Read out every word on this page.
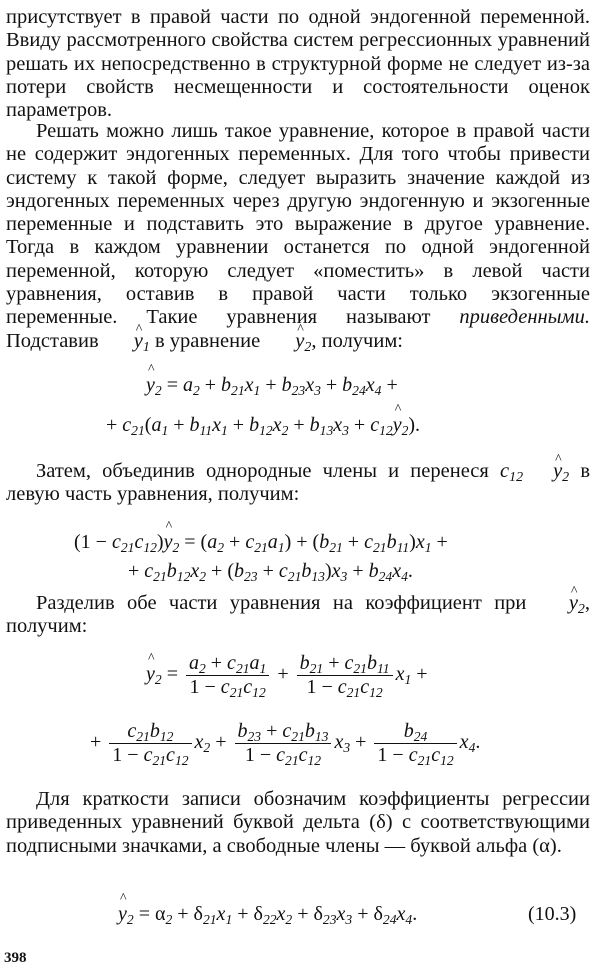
присутствует в правой части по одной эндогенной переменной. Ввиду рассмотренного свойства систем регрессионных уравнений решать их непосредственно в структурной форме не следует из-за потери свойств несмещенности и состоятельности оценок параметров.

Решать можно лишь такое уравнение, которое в правой части не содержит эндогенных переменных. Для того чтобы привести систему к такой форме, следует выразить значение каждой из эндогенных переменных через другую эндогенную и экзогенные переменные и подставить это выражение в другое уравнение. Тогда в каждом уравнении останется по одной эндогенной переменной, которую следует «поместить» в левой части уравнения, оставив в правой части только экзогенные переменные. Такие уравнения называют приведенными. Подставив ^ $y_1$ в уравнение ^ $y_2$, получим:

^ $y_2 = a_2 + b_{21}x_1 + b_{23}x_3 + b_{24}x_4$ +
+ $c_{21}(a_1 + b_{11}x_1 + b_{12}x_2 + b_{13}x_3$ + $c_{12}\^{}$ $y_2$).

Затем, объединив однородные члены и перенеся $c_{12}\^{}$ $y_2$ в левую часть уравнения, получим:

$(1 - c_{21}c_{12})\^{}$ $y_2 = (a_2 + c_{21}a_1) + (b_{21} + c_{21}b_{11})x_1$ +
+ $c_{21}b_{12}x_2 + (b_{23} + c_{21}b_{13})x_3 + b_{24}x_4$.

Разделив обе части уравнения на коэффициент при ^ $y_2$, получим:

^ $y_2 = \frac{a_2 + c_{21}a_1}{1 - c_{21}c_{12}} + \frac{b_{21} + c_{21}b_{11}}{1 - c_{21}c_{12}} x_1$ +
+ $\frac{c_{21}b_{12}}{1 - c_{21}c_{12}} x_2 + \frac{b_{23} + c_{21}b_{13}}{1 - c_{21}c_{12}} x_3 + \frac{b_{24}}{1 - c_{21}c_{12}} x_4$.

Для краткости записи обозначим коэффициенты регрессии приведенных уравнений буквой дельта (δ) с соответствующими подписными значками, а свободные члены — буквой альфа (α).

^ $y_2 = \alpha_2 + \delta_{21}x_1 + \delta_{22}x_2 + \delta_{23}x_3 + \delta_{24}x_4$.	(10.3)
398
